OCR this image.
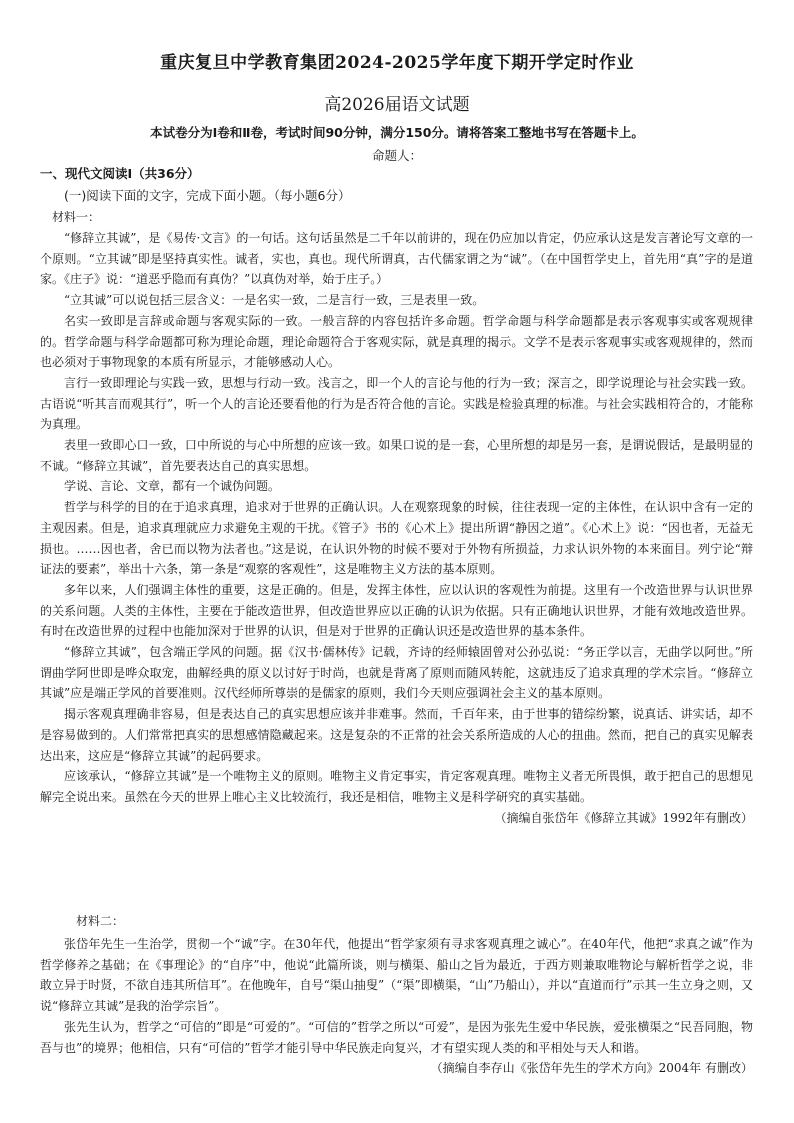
重庆复旦中学教育集团2024-2025学年度下期开学定时作业
高2026届语文试题
本试卷分为Ⅰ卷和Ⅱ卷，考试时间90分钟，满分150分。请将答案工整地书写在答题卡上。
命题人：
一、现代文阅读Ⅰ（共36分）
(一)阅读下面的文字，完成下面小题。（每小题6分）
材料一：

“修辞立其诚”，是《易传·文言》的一句话。这句话虽然是二千年以前讲的，现在仍应加以肯定，仍应承认这是发言著论写文章的一个原则。“立其诚”即是坚持真实性。诚者，实也，真也。现代所谓真，古代儒家谓之为“诚”。（在中国哲学史上，首先用“真”字的是道家。《庄子》说：“道恶乎隐而有真伪？”以真伪对举，始于庄子。）

“立其诚”可以说包括三层含义：一是名实一致，二是言行一致，三是表里一致。

名实一致即是言辞或命题与客观实际的一致。一般言辞的内容包括许多命题。哲学命题与科学命题都是表示客观事实或客观规律的。哲学命题与科学命题都可称为理论命题，理论命题符合于客观实际，就是真理的揭示。文学不是表示客观事实或客观规律的，然而也必须对于事物现象的本质有所显示，才能够感动人心。

言行一致即理论与实践一致，思想与行动一致。浅言之，即一个人的言论与他的行为一致；深言之，即学说理论与社会实践一致。古语说“听其言而观其行”，听一个人的言论还要看他的行为是否符合他的言论。实践是检验真理的标准。与社会实践相符合的，才能称为真理。

表里一致即心口一致，口中所说的与心中所想的应该一致。如果口说的是一套，心里所想的却是另一套，是谓说假话，是最明显的不诚。“修辞立其诚”，首先要表达自己的真实思想。

学说、言论、文章，都有一个诚伪问题。

哲学与科学的目的在于追求真理，追求对于世界的正确认识。人在观察现象的时候，往往表现一定的主体性，在认识中含有一定的主观因素。但是，追求真理就应力求避免主观的干扰。《管子》书的《心术上》提出所谓“静因之道”。《心术上》说：“因也者，无益无损也。……因也者，舍已而以物为法者也。”这是说，在认识外物的时候不要对于外物有所损益，力求认识外物的本来面目。列宁论“辩证法的要素”，举出十六条，第一条是“观察的客观性”，这是唯物主义方法的基本原则。

多年以来，人们强调主体性的重要，这是正确的。但是，发挥主体性，应以认识的客观性为前提。这里有一个改造世界与认识世界的关系问题。人类的主体性，主要在于能改造世界，但改造世界应以正确的认识为依据。只有正确地认识世界，才能有效地改造世界。有时在改造世界的过程中也能加深对于世界的认识，但是对于世界的正确认识还是改造世界的基本条件。

“修辞立其诚”，包含端正学风的问题。据《汉书·儒林传》记载，齐诗的经师辕固曾对公孙弘说：“务正学以言，无曲学以阿世。”所谓曲学阿世即是哗众取宠，曲解经典的原义以讨好于时尚，也就是背离了原则而随风转舵，这就违反了追求真理的学术宗旨。“修辞立其诚”应是端正学风的首要准则。汉代经师所尊崇的是儒家的原则，我们今天则应强调社会主义的基本原则。

揭示客观真理确非容易，但是表达自己的真实思想应该并非难事。然而，千百年来，由于世事的错综纷繁，说真话、讲实话，却不是容易做到的。人们常常把真实的思想感情隐藏起来。这是复杂的不正常的社会关系所造成的人心的扭曲。然而，把自己的真实见解表达出来，这应是“修辞立其诚”的起码要求。

应该承认，“修辞立其诚”是一个唯物主义的原则。唯物主义肯定事实，肯定客观真理。唯物主义者无所畏惧，敢于把自己的思想见解完全说出来。虽然在今天的世界上唯心主义比较流行，我还是相信，唯物主义是科学研究的真实基础。

（摘编自张岱年《修辞立其诚》1992年有删改）
材料二：

张岱年先生一生治学，贯彻一个“诚”字。在30年代，他提出“哲学家须有寻求客观真理之诚心”。在40年代，他把“求真之诚”作为哲学修养之基础；在《事理论》的“自序”中，他说“此篇所谈，则与横渠、船山之旨为最近，于西方则兼取唯物论与解析哲学之说，非敢立异于时贤，不欲自违其所信耳”。在他晚年，自号“渠山抽叟”（“渠”即横渠，“山”乃船山），并以“直道而行”示其一生立身之则，又说“修辞立其诚”是我的治学宗旨”。

张先生认为，哲学之“可信的”即是“可爱的”。“可信的”哲学之所以“可爱”，是因为张先生爱中华民族，爱张横渠之“民吾同胞，物吾与也”的境界；他相信，只有“可信的”哲学才能引导中华民族走向复兴，才有望实现人类的和平相处与天人和谐。

（摘编自李存山《张岱年先生的学术方向》2004年 有删改）
